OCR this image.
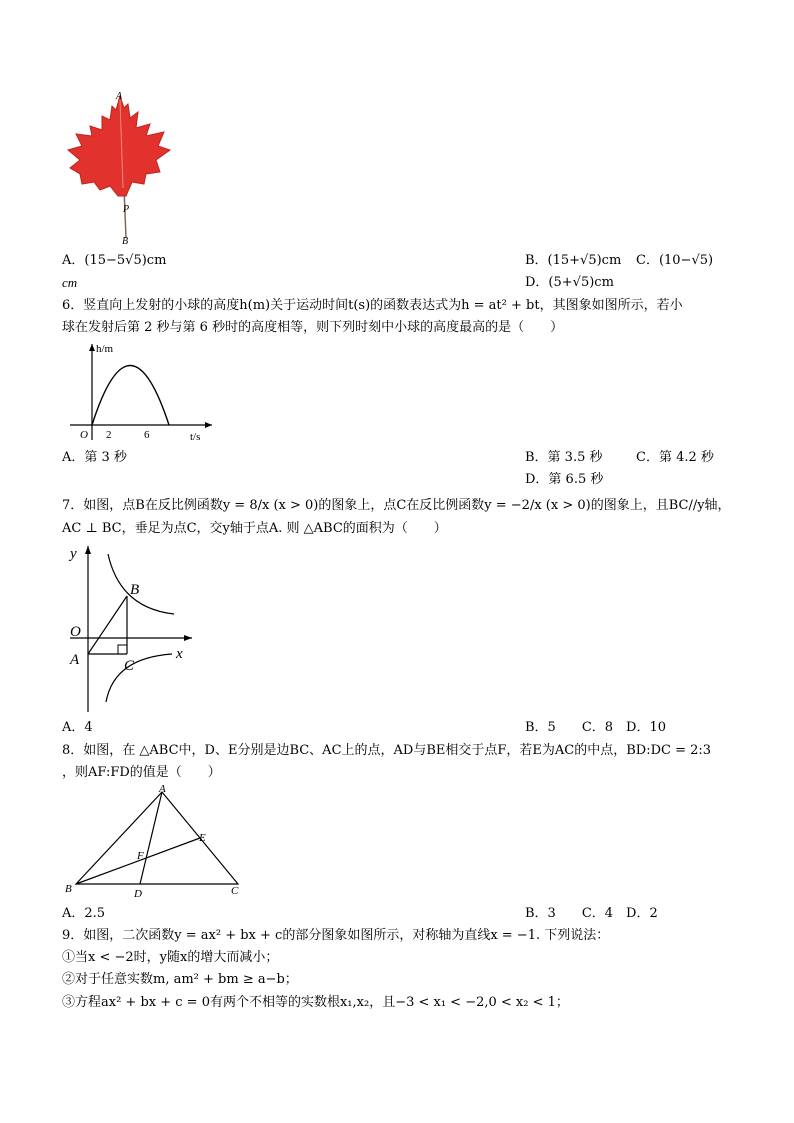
A
P
B
A．(15−5√5)cm
cm
B．(15+√5)cm C．(10−√5)
D．(5+√5)cm
6．竖直向上发射的小球的高度h(m)关于运动时间t(s)的函数表达式为h = at² + bt，其图象如图所示，若小
球在发射后第 2 秒与第 6 秒时的高度相等，则下列时刻中小球的高度最高的是（　　）
h/m
t/s
O 2	6
A．第 3 秒	B．第 3.5 秒	C．第 4.2 秒
D．第 6.5 秒
7．如图，点B在反比例函数y = 8/x (x > 0)的图象上，点C在反比例函数y = −2/x (x > 0)的图象上，且BC//y轴，
AC ⊥ BC，垂足为点C，交y轴于点A. 则 △ABC的面积为（　　）
y
x
O
A
B
C
A．4	B．5　　C．8　D．10
8．如图，在 △ABC中，D、E分别是边BC、AC上的点，AD与BE相交于点F，若E为AC的中点，BD:DC = 2:3
，则AF:FD的值是（　　）
A
B	C
D
E
F
A．2.5	B．3　　C．4　D．2
9．如图，二次函数y = ax² + bx + c的部分图象如图所示，对称轴为直线x = −1. 下列说法：
①当x < −2时，y随x的增大而减小；
②对于任意实数m, am² + bm ≥ a−b；
③方程ax² + bx + c = 0有两个不相等的实数根x₁,x₂，且−3 < x₁ < −2,0 < x₂ < 1；
